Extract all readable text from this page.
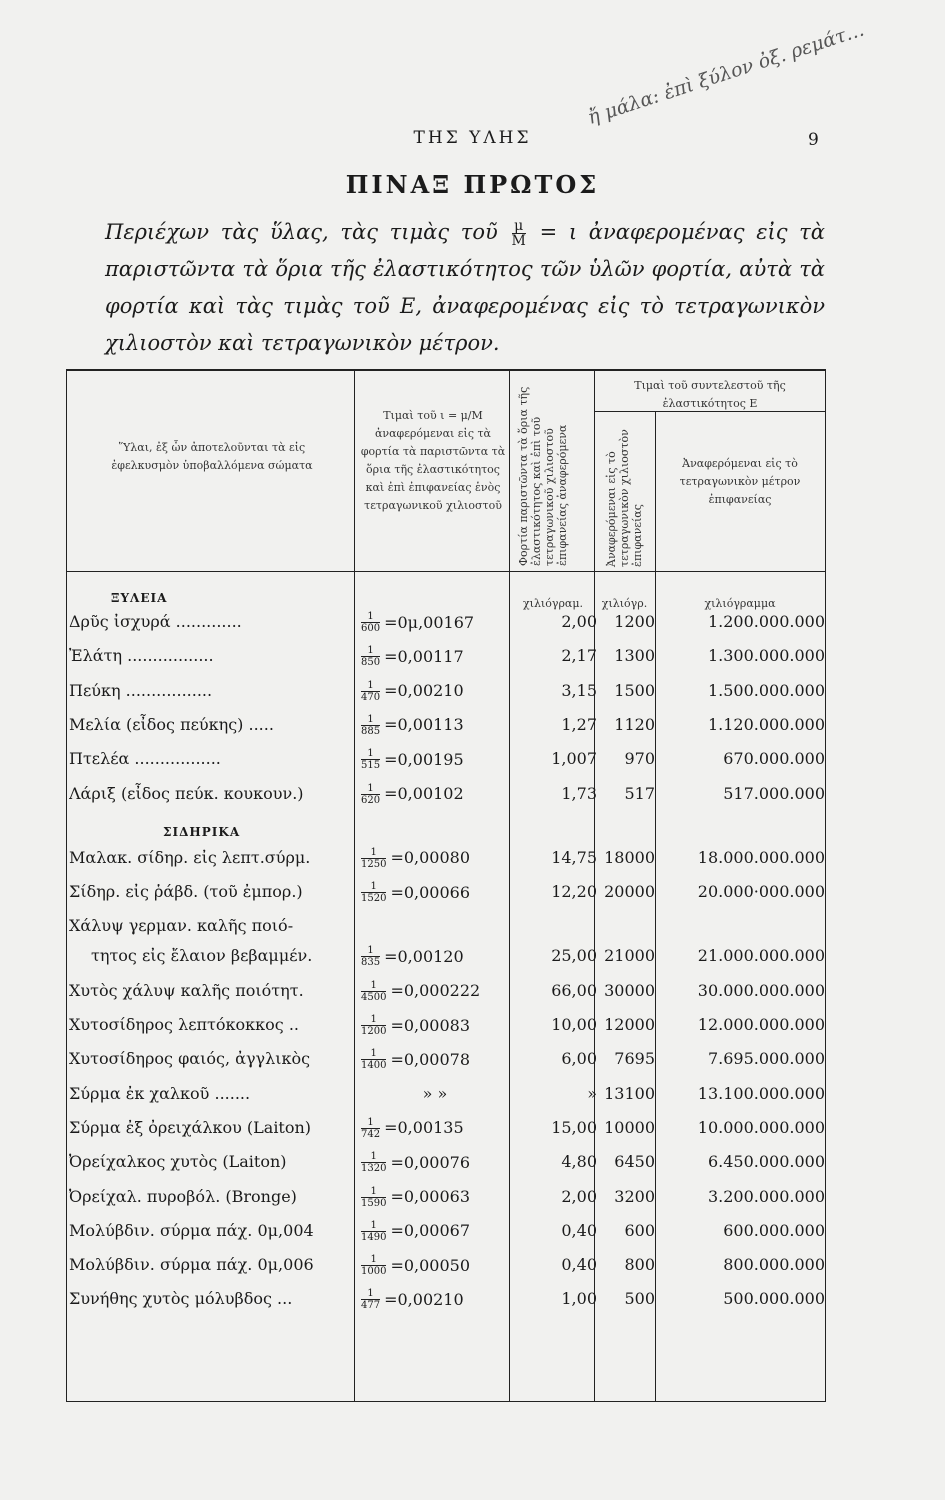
ΤΗΣ ΥΛΗΣ	9
ἤ μάλα: ἐπὶ ξύλον ὀξ. ρεμάτ…
ΠΙΝΑΞ ΠΡΩΤΟΣ
Περιέχων τὰς ὕλας, τὰς τιμὰς τοῦ $\frac{\mu}{M} = \iota$ ἀναφερομένας εἰς τὰ παριστῶντα τὰ ὅρια τῆς ἐλαστικότητος τῶν ὑλῶν φορτία, αὐτὰ τὰ φορτία καὶ τὰς τιμὰς τοῦ Ε, ἀναφερομένας εἰς τὸ τετραγωνικὸν χιλιοστὸν καὶ τετραγωνικὸν μέτρον.
Ὕλαι, ἐξ ὧν ἀποτελοῦνται τὰ εἰς ἐφελκυσμὸν ὑποβαλλόμενα σώματα
Τιμαὶ τοῦ ι = μ/Μ ἀναφερόμεναι εἰς τὰ φορτία τὰ παριστῶντα τὰ ὅρια τῆς ἐλαστικότητος καὶ ἐπὶ ἐπιφανείας ἑνὸς τετραγωνικοῦ χιλιοστοῦ	Φορτία παριστῶντα τὰ ὅρια τῆς ἐλαστικότητος καὶ ἐπὶ τοῦ τετραγωνικοῦ χιλιοστοῦ ἐπιφανείας ἀναφερόμενα
Τιμαὶ τοῦ συντελεστοῦ τῆς ἐλαστικότητος Ε
Ἀναφερόμεναι εἰς τὸ τετραγωνικὸν χιλιοστὸν ἐπιφανείας
Ἀναφερόμεναι εἰς τὸ τετραγωνικὸν μέτρον ἐπιφανείας
χιλιόγραμ.	χιλιόγρ.	χιλιόγραμμα
ΞΥΛΕΙΑ
Δρῦς ἰσχυρά .............	$\frac{1}{600} =0\mu,00167$	2,00	1200	1.200.000.000
Ἐλάτη .................	$\frac{1}{850} =0,00117$	2,17	1300	1.300.000.000
Πεύκη .................	$\frac{1}{470} =0,00210$	3,15	1500	1.500.000.000
Μελία (εἶδος πεύκης) .....	$\frac{1}{885} =0,00113$	1,27	1120	1.120.000.000
Πτελέα .................	$\frac{1}{515} =0,00195$	1,007	970	670.000.000
Λάριξ (εἶδος πεύκ. κουκουν.)	$\frac{1}{620} =0,00102$	1,73	517	517.000.000
ΣΙΔΗΡΙΚΑ
Μαλακ. σίδηρ. εἰς λεπτ.σύρμ.	$\frac{1}{1250} =0,00080$	14,75 18000	18.000.000.000
Σίδηρ. εἰς ῥάβδ. (τοῦ ἐμπορ.)	$\frac{1}{1520} =0,00066$	12,20 20000	20.000·000.000
Χάλυψ γερμαν. καλῆς ποιό-
τητος εἰς ἔλαιον βεβαμμέν.	$\frac{1}{835} =0,00120$	25,00 21000	21.000.000.000
Χυτὸς χάλυψ καλῆς ποιότητ.	$\frac{1}{4500} =0,000222$	66,00 30000	30.000.000.000
Χυτοσίδηρος λεπτόκοκκος ..	$\frac{1}{1200} =0,00083$	10,00 12000	12.000.000.000
Χυτοσίδηρος φαιός, ἀγγλικὸς	$\frac{1}{1400} =0,00078$	6,00	7695	7.695.000.000
Σύρμα ἐκ χαλκοῦ .......	» »	» 13100	13.100.000.000
Σύρμα ἐξ ὀρειχάλκου (Laiton)	$\frac{1}{742} =0,00135$	15,00 10000	10.000.000.000
Ὀρείχαλκος χυτὸς (Laiton)	$\frac{1}{1320} =0,00076$	4,80	6450	6.450.000.000
Ὀρείχαλ. πυροβόλ. (Bronge)	$\frac{1}{1590} =0,00063$	2,00	3200	3.200.000.000
Μολύβδιν. σύρμα πάχ. 0μ,004	$\frac{1}{1490} =0,00067$	0,40	600	600.000.000
Μολύβδιν. σύρμα πάχ. 0μ,006	$\frac{1}{1000} =0,00050$	0,40	800	800.000.000
Συνήθης χυτὸς μόλυβδος ...	$\frac{1}{477} =0,00210$	1,00	500	500.000.000
